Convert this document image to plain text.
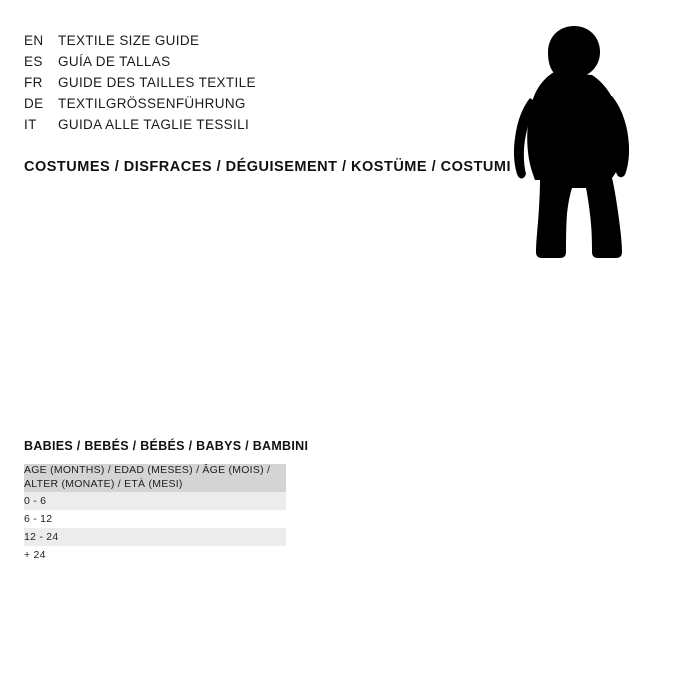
EN	TEXTILE SIZE GUIDE
ES	GUÍA DE TALLAS
FR	GUIDE DES TAILLES TEXTILE
DE	TEXTILGRÖSSENFÜHRUNG
IT	GUIDA ALLE TAGLIE TESSILI
COSTUMES / DISFRACES / DÉGUISEMENT / KOSTÜME / COSTUMI
BABIES / BEBÉS / BÉBÉS / BABYS / BAMBINI
AGE (MONTHS) / EDAD (MESES) / ÂGE (MOIS) / ALTER (MONATE) / ETÀ (MESI)
0 - 6
6 - 12
12 - 24
+ 24
